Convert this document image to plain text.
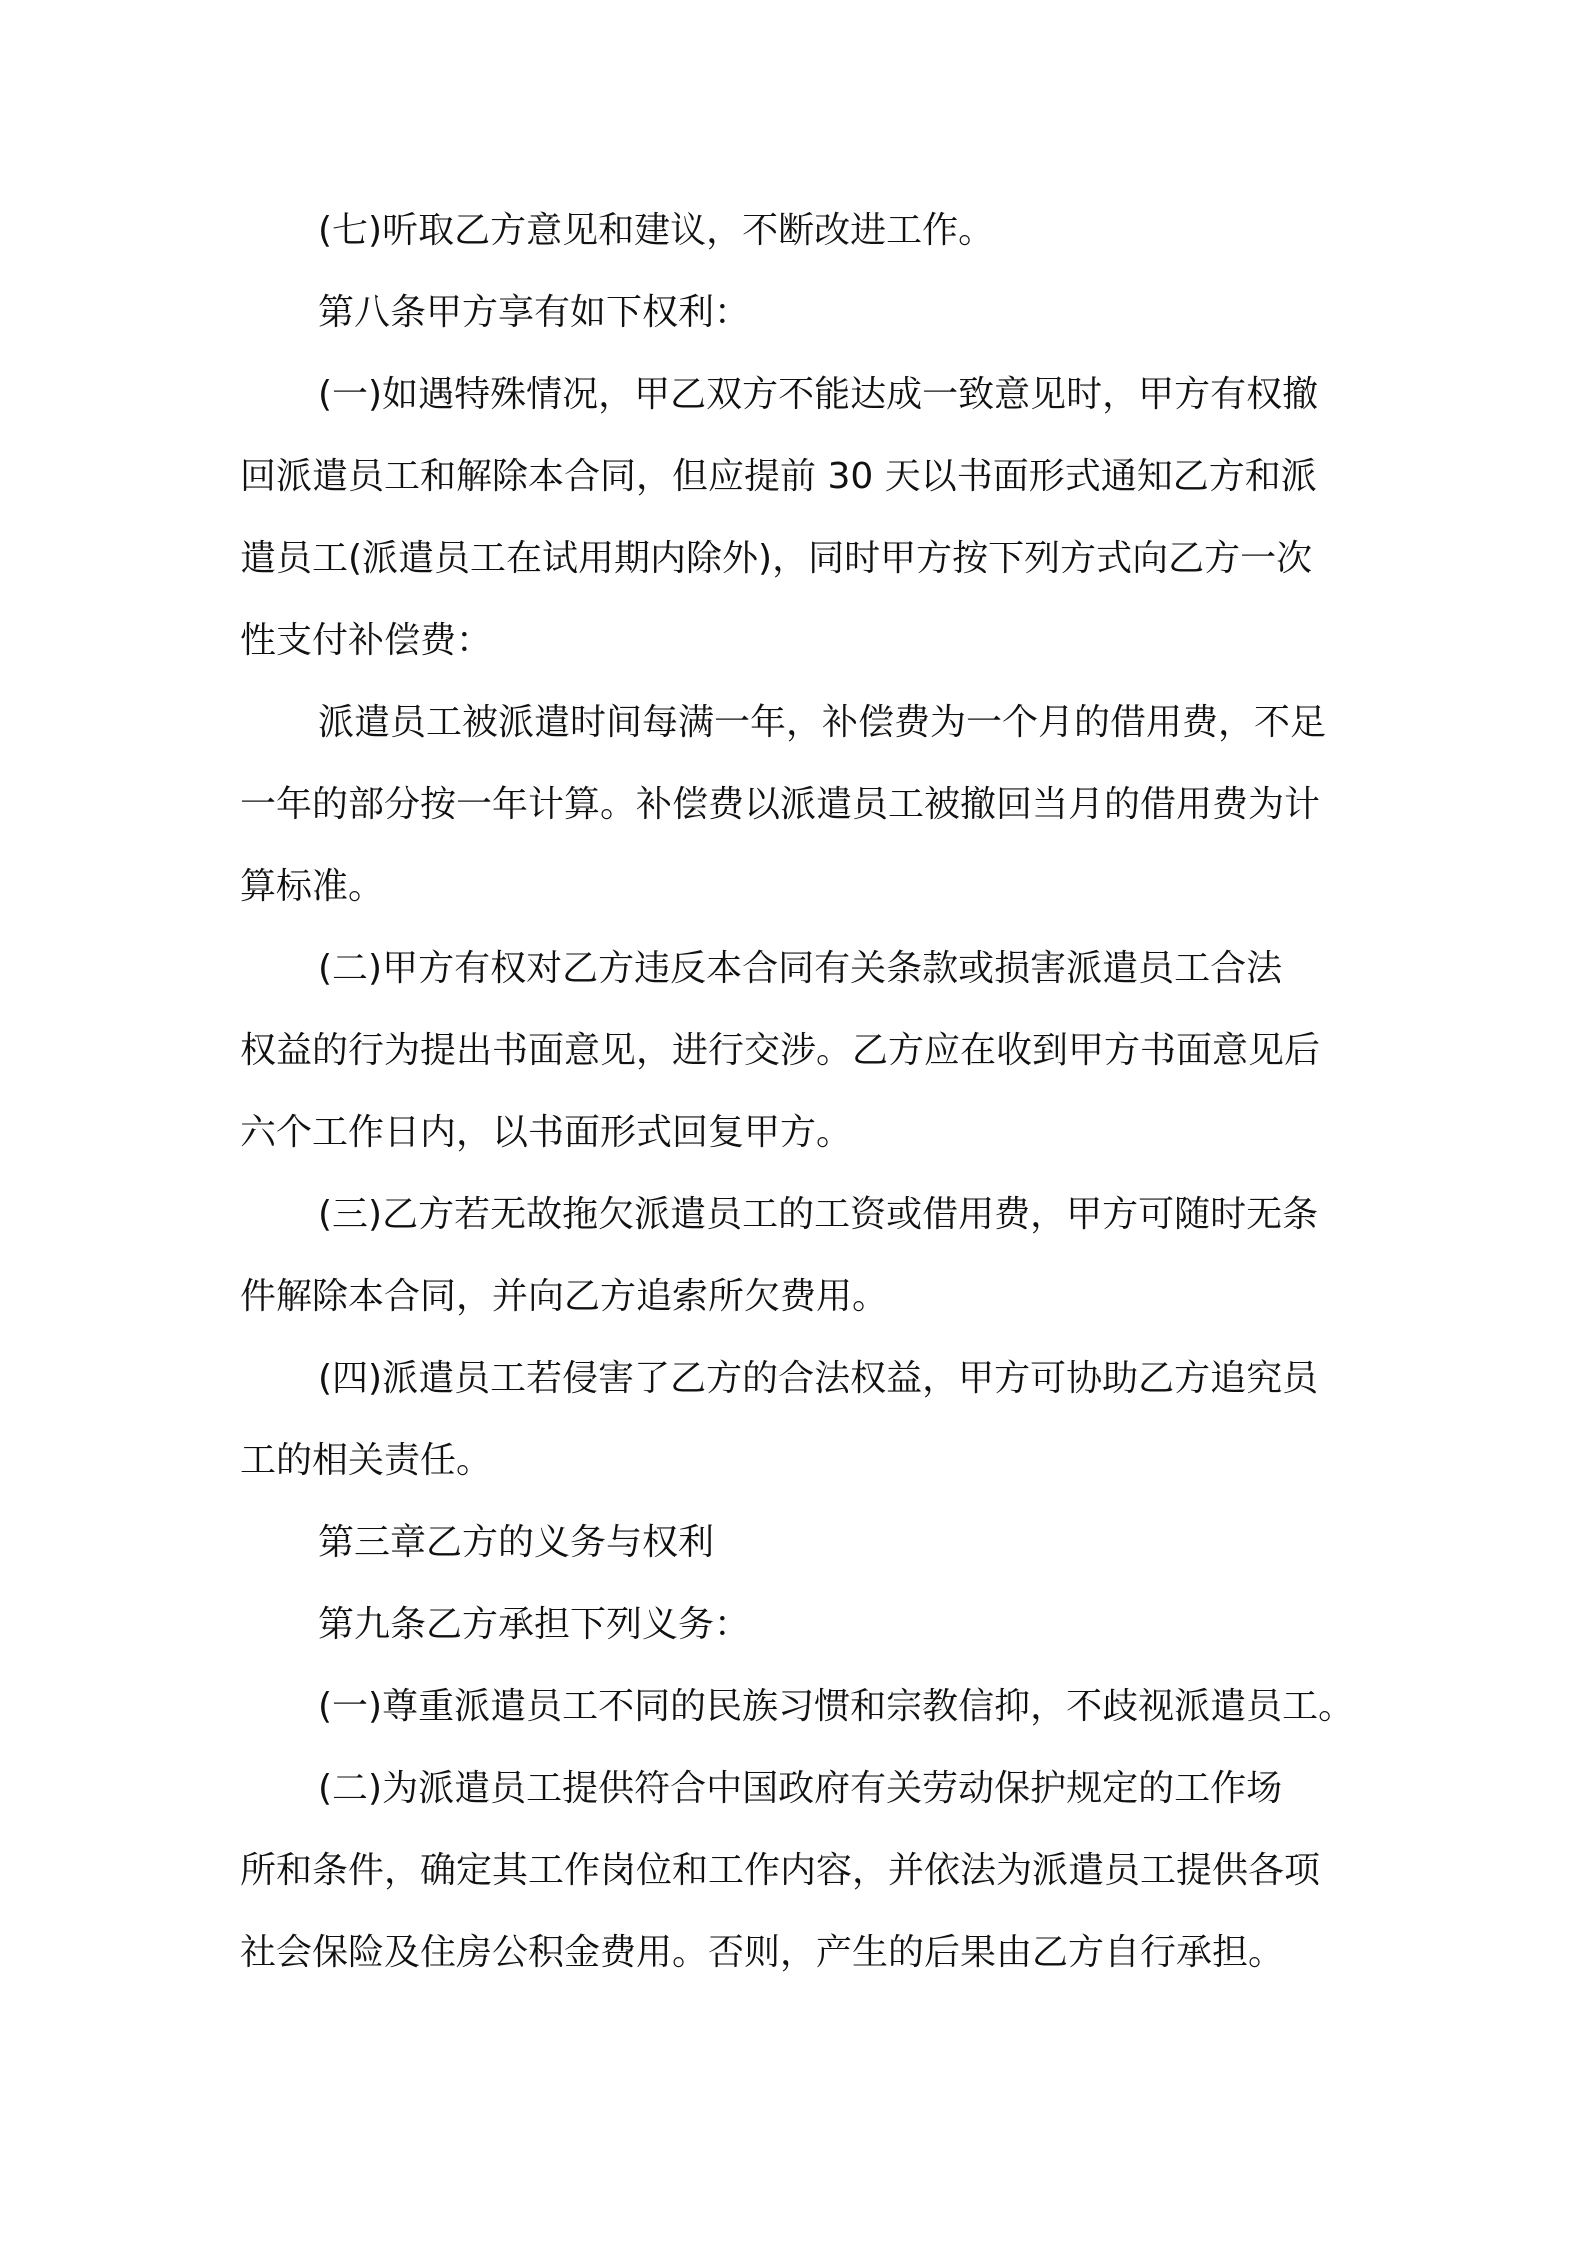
(七)听取乙方意见和建议，不断改进工作。
第八条甲方享有如下权利：
(一)如遇特殊情况，甲乙双方不能达成一致意见时，甲方有权撤
回派遣员工和解除本合同，但应提前 30 天以书面形式通知乙方和派
遣员工(派遣员工在试用期内除外)，同时甲方按下列方式向乙方一次
性支付补偿费：
派遣员工被派遣时间每满一年，补偿费为一个月的借用费，不足
一年的部分按一年计算。补偿费以派遣员工被撤回当月的借用费为计
算标准。
(二)甲方有权对乙方违反本合同有关条款或损害派遣员工合法
权益的行为提出书面意见，进行交涉。乙方应在收到甲方书面意见后
六个工作日内，以书面形式回复甲方。
(三)乙方若无故拖欠派遣员工的工资或借用费，甲方可随时无条
件解除本合同，并向乙方追索所欠费用。
(四)派遣员工若侵害了乙方的合法权益，甲方可协助乙方追究员
工的相关责任。
第三章乙方的义务与权利
第九条乙方承担下列义务：
(一)尊重派遣员工不同的民族习惯和宗教信抑，不歧视派遣员工。
(二)为派遣员工提供符合中国政府有关劳动保护规定的工作场
所和条件，确定其工作岗位和工作内容，并依法为派遣员工提供各项
社会保险及住房公积金费用。否则，产生的后果由乙方自行承担。
